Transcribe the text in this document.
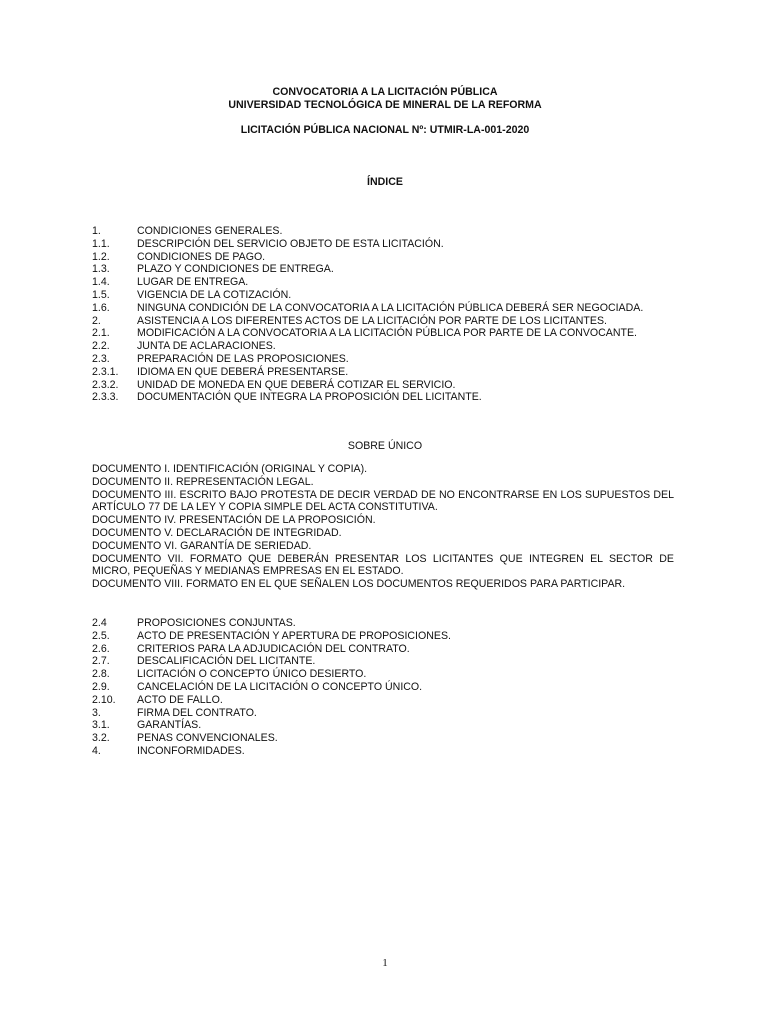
CONVOCATORIA A LA LICITACIÓN PÚBLICA
UNIVERSIDAD TECNOLÓGICA DE MINERAL DE LA REFORMA
LICITACIÓN PÚBLICA NACIONAL Nº: UTMIR-LA-001-2020
ÍNDICE
1.	CONDICIONES GENERALES.
1.1.	DESCRIPCIÓN DEL SERVICIO OBJETO DE ESTA LICITACIÓN.
1.2.	CONDICIONES DE PAGO.
1.3.	PLAZO Y CONDICIONES DE ENTREGA.
1.4.	LUGAR DE ENTREGA.
1.5.	VIGENCIA DE LA COTIZACIÓN.
1.6.	NINGUNA CONDICIÓN DE LA CONVOCATORIA A LA LICITACIÓN PÚBLICA DEBERÁ SER NEGOCIADA.
2.	ASISTENCIA A LOS DIFERENTES ACTOS DE LA LICITACIÓN POR PARTE DE LOS LICITANTES.
2.1.	MODIFICACIÓN A LA CONVOCATORIA A LA LICITACIÓN PÚBLICA POR PARTE DE LA CONVOCANTE.
2.2.	JUNTA DE ACLARACIONES.
2.3.	PREPARACIÓN DE LAS PROPOSICIONES.
2.3.1.	IDIOMA EN QUE DEBERÁ PRESENTARSE.
2.3.2.	UNIDAD DE MONEDA EN QUE DEBERÁ COTIZAR EL SERVICIO.
2.3.3.	DOCUMENTACIÓN QUE INTEGRA LA PROPOSICIÓN DEL LICITANTE.
SOBRE ÚNICO
DOCUMENTO I. IDENTIFICACIÓN (ORIGINAL Y COPIA).
DOCUMENTO II. REPRESENTACIÓN LEGAL.
DOCUMENTO III. ESCRITO BAJO PROTESTA DE DECIR VERDAD DE NO ENCONTRARSE EN LOS SUPUESTOS DEL ARTÍCULO 77 DE LA LEY Y COPIA SIMPLE DEL ACTA CONSTITUTIVA.
DOCUMENTO IV. PRESENTACIÓN DE LA PROPOSICIÓN.
DOCUMENTO V. DECLARACIÓN DE INTEGRIDAD.
DOCUMENTO VI. GARANTÍA DE SERIEDAD.
DOCUMENTO VII. FORMATO QUE DEBERÁN PRESENTAR LOS LICITANTES QUE INTEGREN EL SECTOR DE MICRO, PEQUEÑAS Y MEDIANAS EMPRESAS EN EL ESTADO.
DOCUMENTO VIII. FORMATO EN EL QUE SEÑALEN LOS DOCUMENTOS REQUERIDOS PARA PARTICIPAR.
2.4	PROPOSICIONES CONJUNTAS.
2.5.	ACTO DE PRESENTACIÓN Y APERTURA DE PROPOSICIONES.
2.6.	CRITERIOS PARA LA ADJUDICACIÓN DEL CONTRATO.
2.7.	DESCALIFICACIÓN DEL LICITANTE.
2.8.	LICITACIÓN O CONCEPTO ÚNICO DESIERTO.
2.9.	CANCELACIÓN DE LA LICITACIÓN O CONCEPTO ÚNICO.
2.10.	ACTO DE FALLO.
3.	FIRMA DEL CONTRATO.
3.1.	GARANTÍAS.
3.2.	PENAS CONVENCIONALES.
4.	INCONFORMIDADES.
1
